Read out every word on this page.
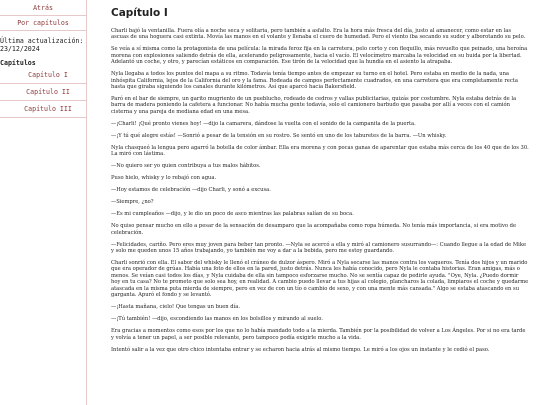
Atrás
Por capítulos
Última actualización: 23/12/2024
Capítulos
Capítulo I
Capítulo II
Capítulo III
Capítulo I

Charli bajó la ventanilla. Fuera olía a noche seca y solitaria, pero también a asfalto. Era la hora más fresca del día, justo al amanecer, como estar en las ascuas de una hoguera casi extinta. Movía las manos en el volante y llenaba el cuero de humedad. Pero el viento iba secando su sudor y alborotando su pelo.

Se veía a sí misma como la protagonista de una película: la mirada feroz fija en la carretera, pelo corto y con flequillo, más revuelto que peinado, una heroína morena con explosiones saliendo detrás de ella, acelerando peligrosamente, hacia el vacío. El velocímetro marcaba la velocidad en su huida por la libertad. Adelantó un coche, y otro, y parecían estáticos en comparación. Ese tirón de la velocidad que la hundía en el asiento la atrapaba.

Nyla llegaba a todos los puntos del mapa a su ritmo. Todavía tenía tiempo antes de empezar su turno en el hotel. Pero estaba en medio de la nada, una inhóspita California, lejos de la California del oro y la fama. Rodeada de campos perfectamente cuadrados, en una carretera que era completamente recta hasta que giraba siguiendo los canales durante kilómetros. Así que aparcó hacia Bakersfield.

Paró en el bar de siempre, un garito mugriento de un pueblucho, rodeado de cedros y vallas publicitarias, quizás por costumbre. Nyla estaba detrás de la barra de madera poniendo la cafetera a funcionar. No había mucha gente todavía, solo el camionero barbudo que pasaba por allí a veces con el camión cisterna y una pareja de mediana edad en una mesa.

—¡Charli! ¡Qué pronto vienes hoy! —dijo la camarera, dándose la vuelta con el sonido de la campanita de la puerta.

—¡Y tú qué alegre estás! —Sonrió a pesar de la tensión en su rostro. Se sentó en uno de los taburetes de la barra. —Un whisky.

Nyla chasqueó la lengua pero agarró la botella de color ámbar. Ella era morena y con pocas ganas de aparentar que estaba más cerca de los 40 que de los 30. La miró con lástima.

—No quiero ser yo quien contribuya a tus malos hábitos.

Puso hielo, whisky y lo rebajó con agua.

—Hoy estamos de celebración —dijo Charli, y sonó a excusa.

—Siempre, ¿no?

—Es mi cumpleaños —dijo, y le dio un poco de asco mientras las palabras salían de su boca.

No quiso pensar mucho en ello a pesar de la sensación de desamparo que la acompañaba como ropa húmeda. No tenía más importancia, si era motivo de celebración.

—Felicidades, cariño. Pero eres muy joven para beber tan pronto. —Nyla se acercó a ella y miró al camionero susurrando—: Cuando llegue a la edad de Mike y solo me queden unos 15 años trabajando, yo también me voy a dar a la bebida, pero me estoy guardando.

Charli sonrió con ella. El sabor del whisky le llenó el cráneo de dulzor áspero. Miró a Nyla secarse las manos contra los vaqueros. Tenía dos hijos y un marido que era operador de grúas. Había una foto de ellos en la pared, justo detrás. Nunca les había conocido, pero Nyla le contaba historias. Eran amigas, más o menos. Se veían casi todos los días, y Nyla cuidaba de ella sin tampoco esforzarse mucho. No se sentía capaz de pedirle ayuda. "Oye, Nyla. ¿Puedo dormir hoy en tu casa? No te prometo que solo sea hoy, en realidad. A cambio puedo llevar a tus hijas al colegio, plancharos la colada, limpiaros el coche y quedarme atascada en la misma puta mierda de siempre, pero en vez de con un tío o cambio de sexo, y con una mente más cansada." Algo se estaba atascando en su garganta. Apuró el fondo y se levantó.

—¡Hasta mañana, cielo! Que tengas un buen día.

—¡Tú también! —dijo, escondiendo las manos en los bolsillos y mirando al suelo.

Era gracias a momentos como esos por los que no lo había mandado todo a la mierda. También por la posibilidad de volver a Los Ángeles. Por si no era tarde y volvía a tener un papel, a ser posible relevante, pero tampoco podía exigirle mucho a la vida.

Intentó salir a la vez que otro chico intentaba entrar y se echaron hacia atrás al mismo tiempo. Le miró a los ojos un instante y le cedió el paso.
